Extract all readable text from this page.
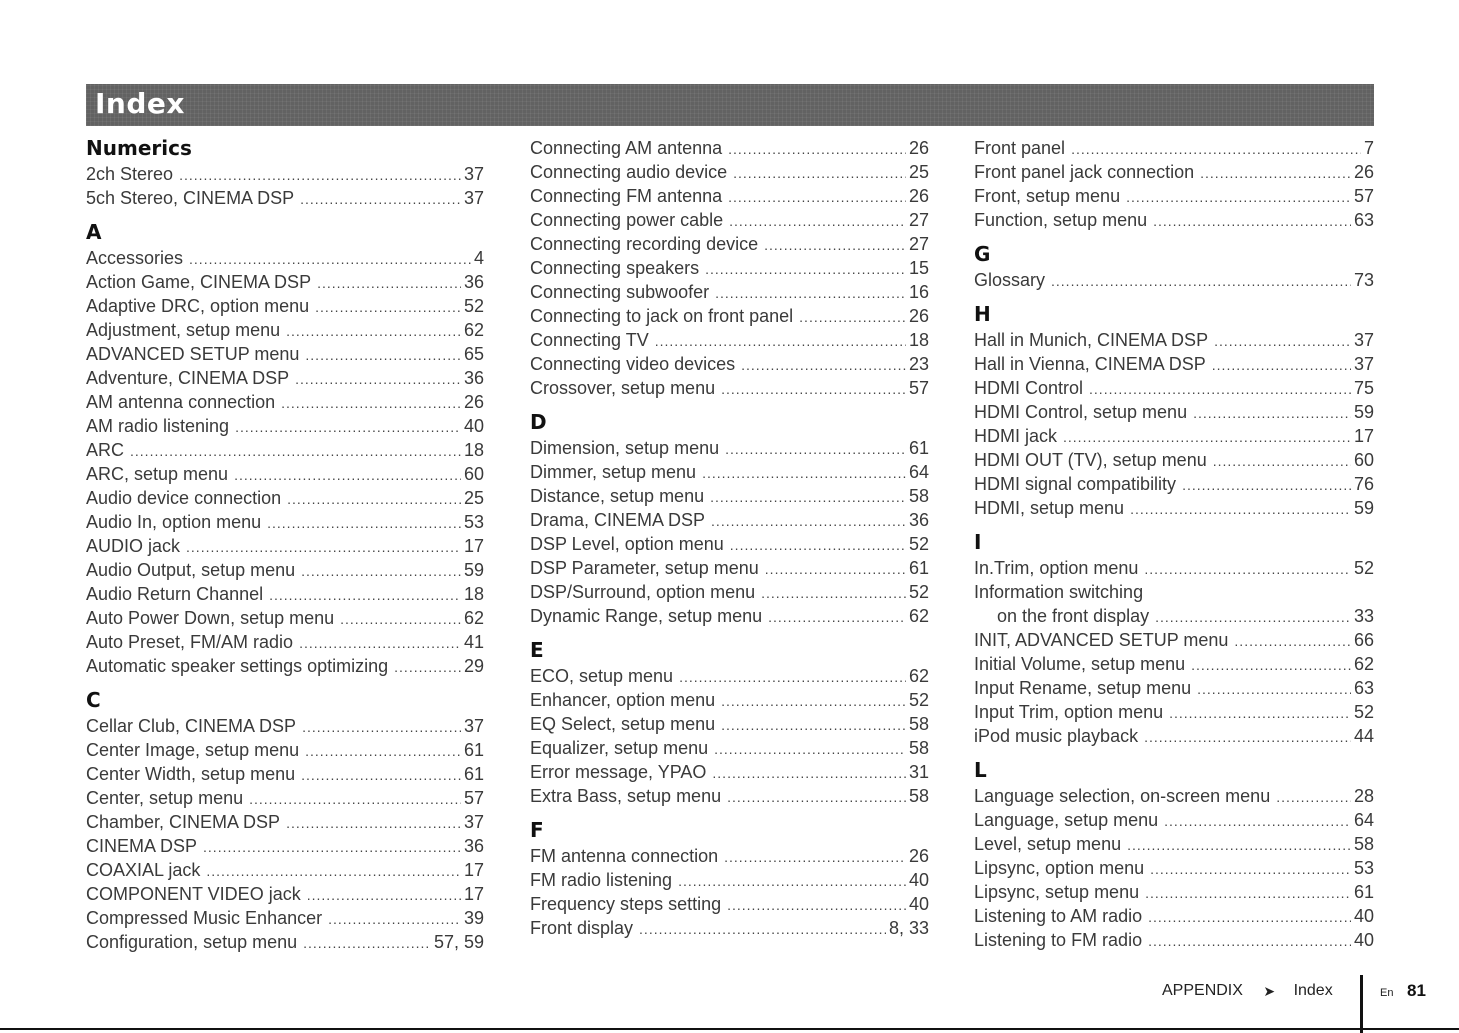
Index
Numerics
2ch Stereo .....	37
5ch Stereo, CINEMA DSP .....	37
A
Accessories .....	4
Action Game, CINEMA DSP .....	36
Adaptive DRC, option menu .....	52
Adjustment, setup menu .....	62
ADVANCED SETUP menu .....	65
Adventure, CINEMA DSP .....	36
AM antenna connection .....	26
AM radio listening .....	40
ARC .....	18
ARC, setup menu .....	60
Audio device connection .....	25
Audio In, option menu .....	53
AUDIO jack .....	17
Audio Output, setup menu .....	59
Audio Return Channel .....	18
Auto Power Down, setup menu .....	62
Auto Preset, FM/AM radio .....	41
Automatic speaker settings optimizing .....	29
C
Cellar Club, CINEMA DSP .....	37
Center Image, setup menu .....	61
Center Width, setup menu .....	61
Center, setup menu .....	57
Chamber, CINEMA DSP .....	37
CINEMA DSP .....	36
COAXIAL jack .....	17
COMPONENT VIDEO jack .....	17
Compressed Music Enhancer .....	39
Configuration, setup menu .....	57, 59
Connecting AM antenna .....	26
Connecting audio device .....	25
Connecting FM antenna .....	26
Connecting power cable .....	27
Connecting recording device .....	27
Connecting speakers .....	15
Connecting subwoofer .....	16
Connecting to jack on front panel .....	26
Connecting TV .....	18
Connecting video devices .....	23
Crossover, setup menu .....	57
D
Dimension, setup menu .....	61
Dimmer, setup menu .....	64
Distance, setup menu .....	58
Drama, CINEMA DSP .....	36
DSP Level, option menu .....	52
DSP Parameter, setup menu .....	61
DSP/Surround, option menu .....	52
Dynamic Range, setup menu .....	62
E
ECO, setup menu .....	62
Enhancer, option menu .....	52
EQ Select, setup menu .....	58
Equalizer, setup menu .....	58
Error message, YPAO .....	31
Extra Bass, setup menu .....	58
F
FM antenna connection .....	26
FM radio listening .....	40
Frequency steps setting .....	40
Front display .....	8, 33
Front panel .....	7
Front panel jack connection .....	26
Front, setup menu .....	57
Function, setup menu .....	63
G
Glossary .....	73
H
Hall in Munich, CINEMA DSP .....	37
Hall in Vienna, CINEMA DSP .....	37
HDMI Control .....	75
HDMI Control, setup menu .....	59
HDMI jack .....	17
HDMI OUT (TV), setup menu .....	60
HDMI signal compatibility .....	76
HDMI, setup menu .....	59
I
In.Trim, option menu .....	52
Information switching
on the front display .....	33
INIT, ADVANCED SETUP menu .....	66
Initial Volume, setup menu .....	62
Input Rename, setup menu .....	63
Input Trim, option menu .....	52
iPod music playback .....	44
L
Language selection, on-screen menu .....	28
Language, setup menu .....	64
Level, setup menu .....	58
Lipsync, option menu .....	53
Lipsync, setup menu .....	61
Listening to AM radio .....	40
Listening to FM radio .....	40
APPENDIX ➤ Index	En 81
